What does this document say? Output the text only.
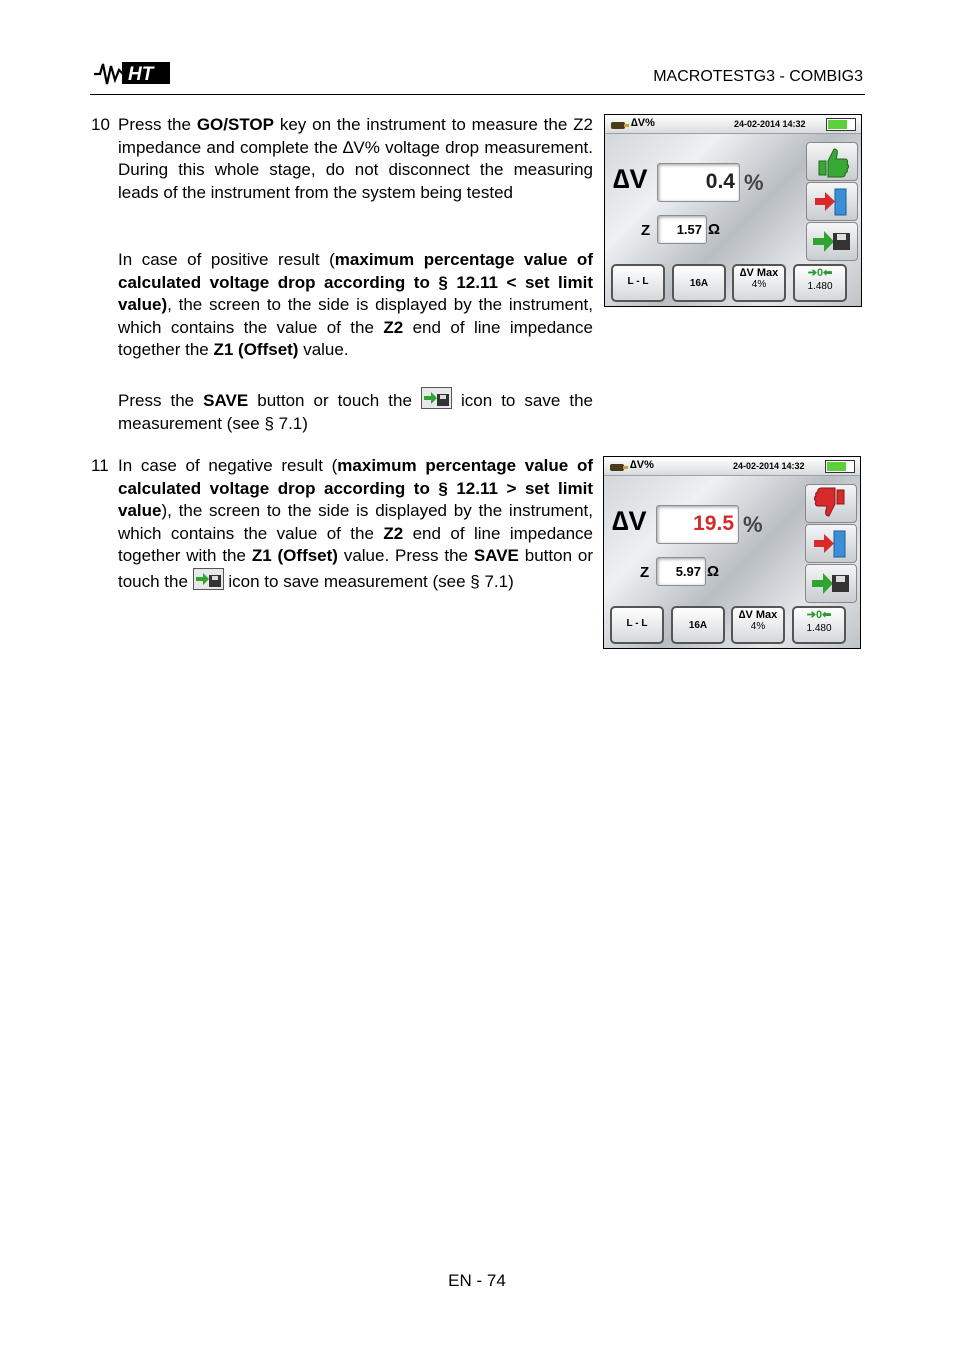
HT	MACROTESTG3 - COMBIG3
10 Press the GO/STOP key on the instrument to measure the Z2 impedance and complete the ∆V% voltage drop measurement. During this whole stage, do not disconnect the measuring leads of the instrument from the system being tested
In case of positive result (maximum percentage value of calculated voltage drop according to § 12.11 < set limit value), the screen to the side is displayed by the instrument, which contains the value of the Z2 end of line impedance together the Z1 (Offset) value.
Press the SAVE button or touch the  icon to save the measurement (see § 7.1)
∆V%	24-02-2014 14:32
∆V	0.4 %
Z 1.57 Ω
L - L	16A
∆V Max
4%
➔0⬅
1.480
11 In case of negative result (maximum percentage value of calculated voltage drop according to § 12.11 > set limit value), the screen to the side is displayed by the instrument, which contains the value of the Z2 end of line impedance together with the Z1 (Offset) value. Press the SAVE button or touch the  icon to save measurement (see § 7.1)
∆V%	24-02-2014 14:32
∆V 19.5 %
Z 5.97 Ω
L - L	16A
∆V Max
4%
➔0⬅
1.480
EN - 74
